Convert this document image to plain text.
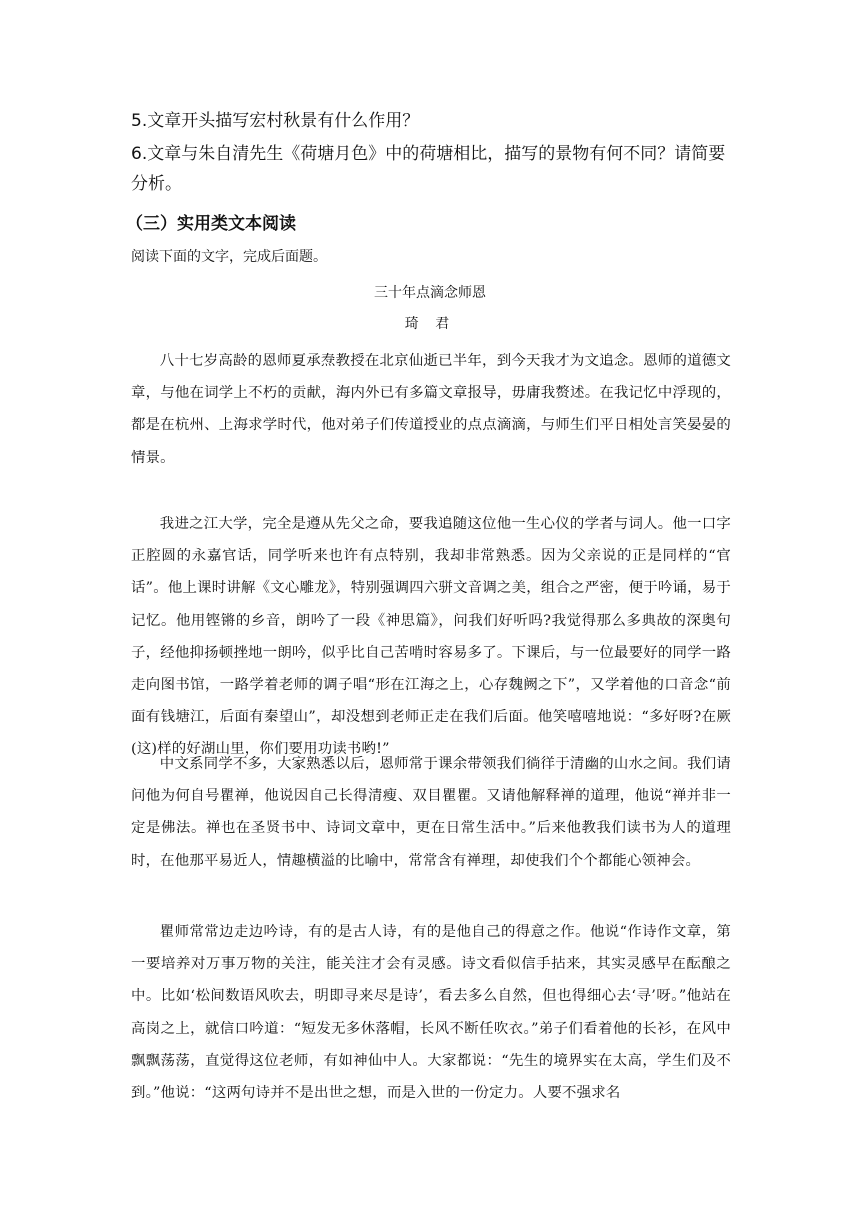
5.文章开头描写宏村秋景有什么作用？
6.文章与朱自清先生《荷塘月色》中的荷塘相比，描写的景物有何不同？请简要分析。
（三）实用类文本阅读
阅读下面的文字，完成后面题。
三十年点滴念师恩
琦 君

八十七岁高龄的恩师夏承焘教授在北京仙逝已半年，到今天我才为文追念。恩师的道德文章，与他在词学上不朽的贡献，海内外已有多篇文章报导，毋庸我赘述。在我记忆中浮现的，都是在杭州、上海求学时代，他对弟子们传道授业的点点滴滴，与师生们平日相处言笑晏晏的情景。

我进之江大学，完全是遵从先父之命，要我追随这位他一生心仪的学者与词人。他一口字正腔圆的永嘉官话，同学听来也许有点特别，我却非常熟悉。因为父亲说的正是同样的“官话”。他上课时讲解《文心雕龙》，特别强调四六骈文音调之美，组合之严密，便于吟诵，易于记忆。他用铿锵的乡音，朗吟了一段《神思篇》，问我们好听吗?我觉得那么多典故的深奥句子，经他抑扬顿挫地一朗吟，似乎比自己苦啃时容易多了。下课后，与一位最要好的同学一路走向图书馆，一路学着老师的调子唱“形在江海之上，心存魏阙之下”，又学着他的口音念“前面有钱塘江，后面有秦望山”，却没想到老师正走在我们后面。他笑嘻嘻地说：“多好呀?在厥(这)样的好湖山里，你们要用功读书哟!”

中文系同学不多，大家熟悉以后，恩师常于课余带领我们徜徉于清幽的山水之间。我们请问他为何自号瞿禅，他说因自己长得清瘦、双目瞿瞿。又请他解释禅的道理，他说“禅并非一定是佛法。禅也在圣贤书中、诗词文章中，更在日常生活中。”后来他教我们读书为人的道理时，在他那平易近人，情趣横溢的比喻中，常常含有禅理，却使我们个个都能心领神会。

瞿师常常边走边吟诗，有的是古人诗，有的是他自己的得意之作。他说“作诗作文章，第一要培养对万事万物的关注，能关注才会有灵感。诗文看似信手拈来，其实灵感早在酝酿之中。比如‘松间数语风吹去，明即寻来尽是诗’，看去多么自然，但也得细心去‘寻’呀。”他站在高岗之上，就信口吟道：“短发无多休落帽，长风不断任吹衣。”弟子们看着他的长衫，在风中飘飘荡荡，直觉得这位老师，有如神仙中人。大家都说：“先生的境界实在太高，学生们及不到。”他说：“这两句诗并不是出世之想，而是入世的一份定力。人要不强求名
